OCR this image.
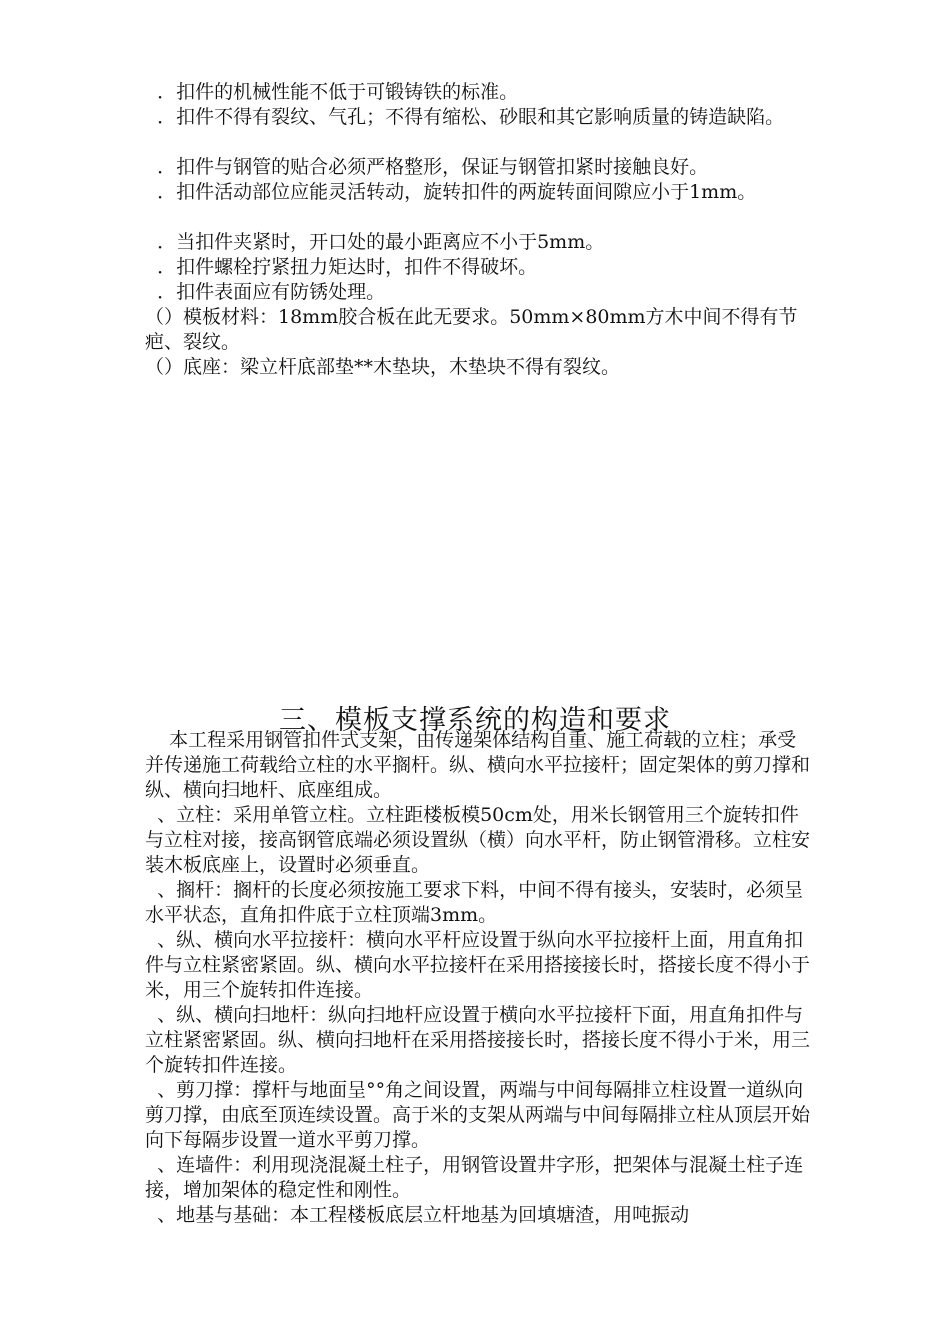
．扣件的机械性能不低于可锻铸铁的标准。
．扣件不得有裂纹、气孔；不得有缩松、砂眼和其它影响质量的铸造缺陷。
．扣件与钢管的贴合必须严格整形，保证与钢管扣紧时接触良好。
．扣件活动部位应能灵活转动，旋转扣件的两旋转面间隙应小于1mm。
．当扣件夹紧时，开口处的最小距离应不小于5mm。
．扣件螺栓拧紧扭力矩达时，扣件不得破坏。
．扣件表面应有防锈处理。
（）模板材料：18mm胶合板在此无要求。50mm×80mm方木中间不得有节疤、裂纹。
（）底座：梁立杆底部垫**木垫块，木垫块不得有裂纹。
三、模板支撑系统的构造和要求
本工程采用钢管扣件式支架，由传递架体结构自重、施工荷载的立柱；承受并传递施工荷载给立柱的水平搁杆。纵、横向水平拉接杆；固定架体的剪刀撑和纵、横向扫地杆、底座组成。
、立柱：采用单管立柱。立柱距楼板模50cm处，用米长钢管用三个旋转扣件与立柱对接，接高钢管底端必须设置纵（横）向水平杆，防止钢管滑移。立柱安装木板底座上，设置时必须垂直。
、搁杆：搁杆的长度必须按施工要求下料，中间不得有接头，安装时，必须呈水平状态，直角扣件底于立柱顶端3mm。
、纵、横向水平拉接杆：横向水平杆应设置于纵向水平拉接杆上面，用直角扣件与立柱紧密紧固。纵、横向水平拉接杆在采用搭接接长时，搭接长度不得小于米，用三个旋转扣件连接。
、纵、横向扫地杆：纵向扫地杆应设置于横向水平拉接杆下面，用直角扣件与立柱紧密紧固。纵、横向扫地杆在采用搭接接长时，搭接长度不得小于米，用三个旋转扣件连接。
、剪刀撑：撑杆与地面呈°°角之间设置，两端与中间每隔排立柱设置一道纵向剪刀撑，由底至顶连续设置。高于米的支架从两端与中间每隔排立柱从顶层开始向下每隔步设置一道水平剪刀撑。
、连墙件：利用现浇混凝土柱子，用钢管设置井字形，把架体与混凝土柱子连接，增加架体的稳定性和刚性。
、地基与基础：本工程楼板底层立杆地基为回填塘渣，用吨振动
